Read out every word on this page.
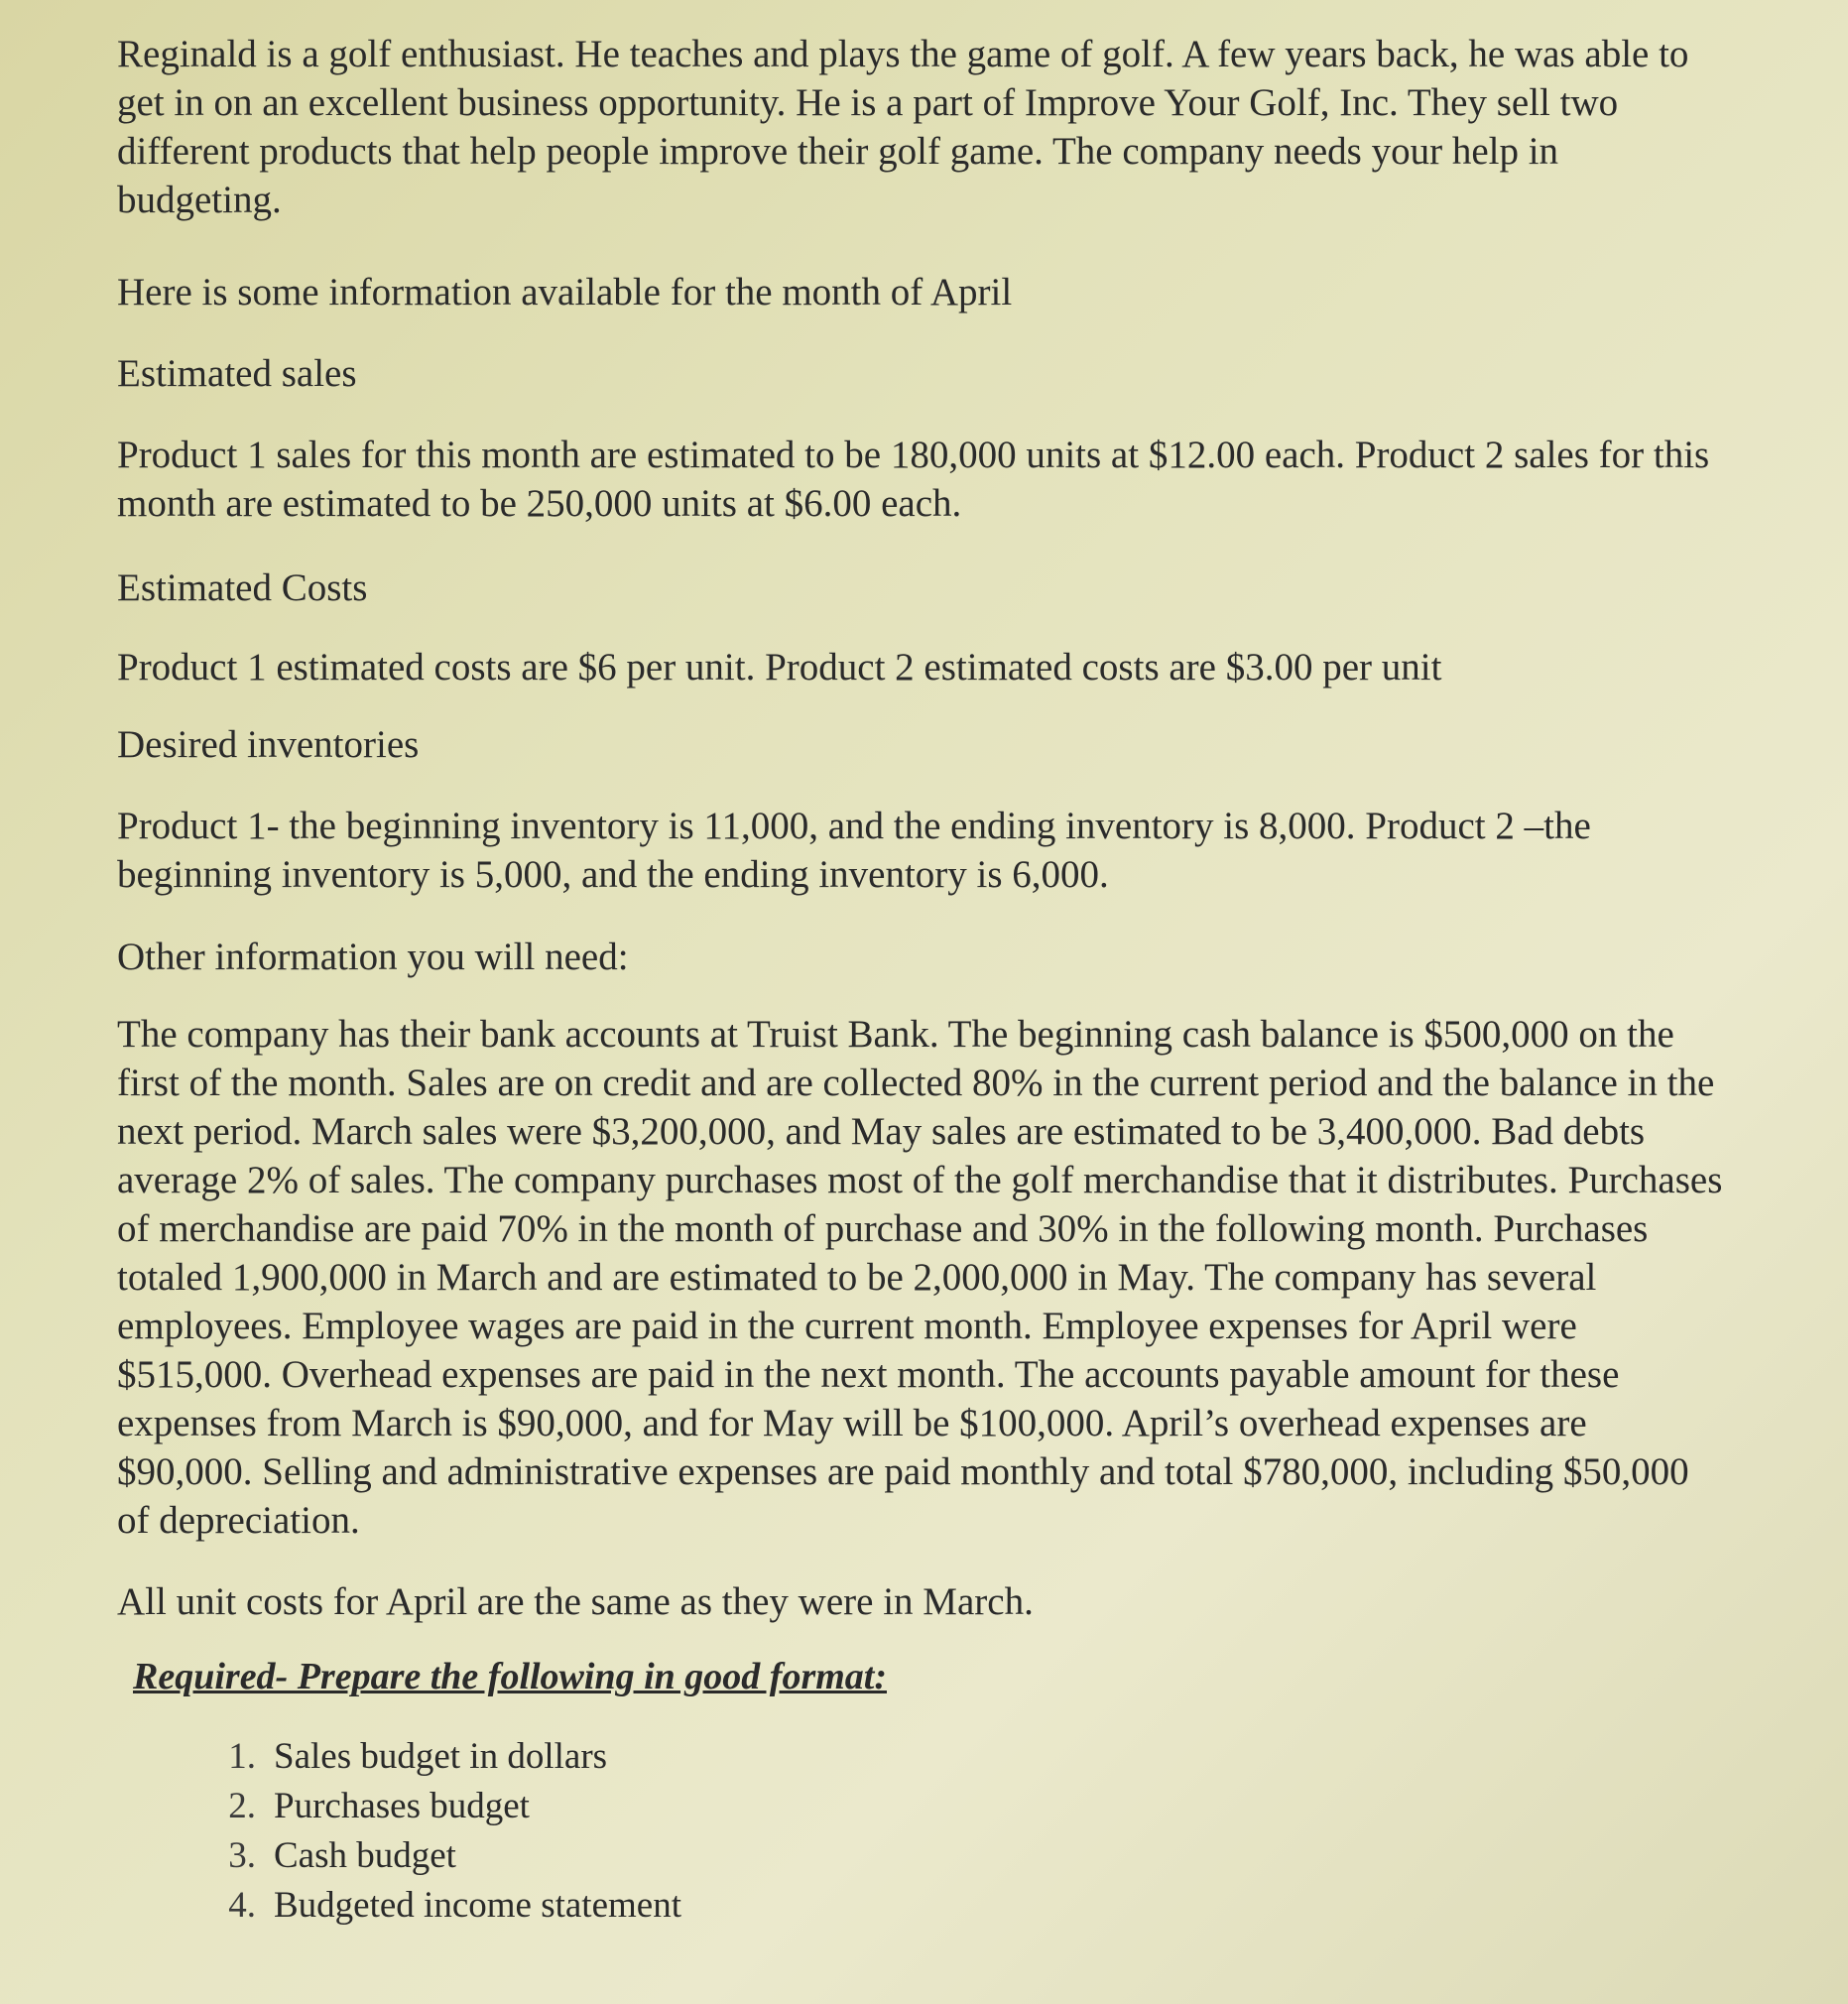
Reginald is a golf enthusiast. He teaches and plays the game of golf. A few years back, he was able to get in on an excellent business opportunity. He is a part of Improve Your Golf, Inc. They sell two different products that help people improve their golf game. The company needs your help in budgeting.

Here is some information available for the month of April

Estimated sales

Product 1 sales for this month are estimated to be 180,000 units at $12.00 each. Product 2 sales for this month are estimated to be 250,000 units at $6.00 each.

Estimated Costs

Product 1 estimated costs are $6 per unit. Product 2 estimated costs are $3.00 per unit

Desired inventories

Product 1- the beginning inventory is 11,000, and the ending inventory is 8,000. Product 2 –the beginning inventory is 5,000, and the ending inventory is 6,000.

Other information you will need:

The company has their bank accounts at Truist Bank. The beginning cash balance is $500,000 on the first of the month. Sales are on credit and are collected 80% in the current period and the balance in the next period. March sales were $3,200,000, and May sales are estimated to be 3,400,000. Bad debts average 2% of sales. The company purchases most of the golf merchandise that it distributes. Purchases of merchandise are paid 70% in the month of purchase and 30% in the following month. Purchases totaled 1,900,000 in March and are estimated to be 2,000,000 in May. The company has several employees. Employee wages are paid in the current month. Employee expenses for April were $515,000. Overhead expenses are paid in the next month. The accounts payable amount for these expenses from March is $90,000, and for May will be $100,000. April’s overhead expenses are $90,000. Selling and administrative expenses are paid monthly and total $780,000, including $50,000 of depreciation.

All unit costs for April are the same as they were in March.

Required- Prepare the following in good format:

1. Sales budget in dollars
2. Purchases budget
3. Cash budget
4. Budgeted income statement
